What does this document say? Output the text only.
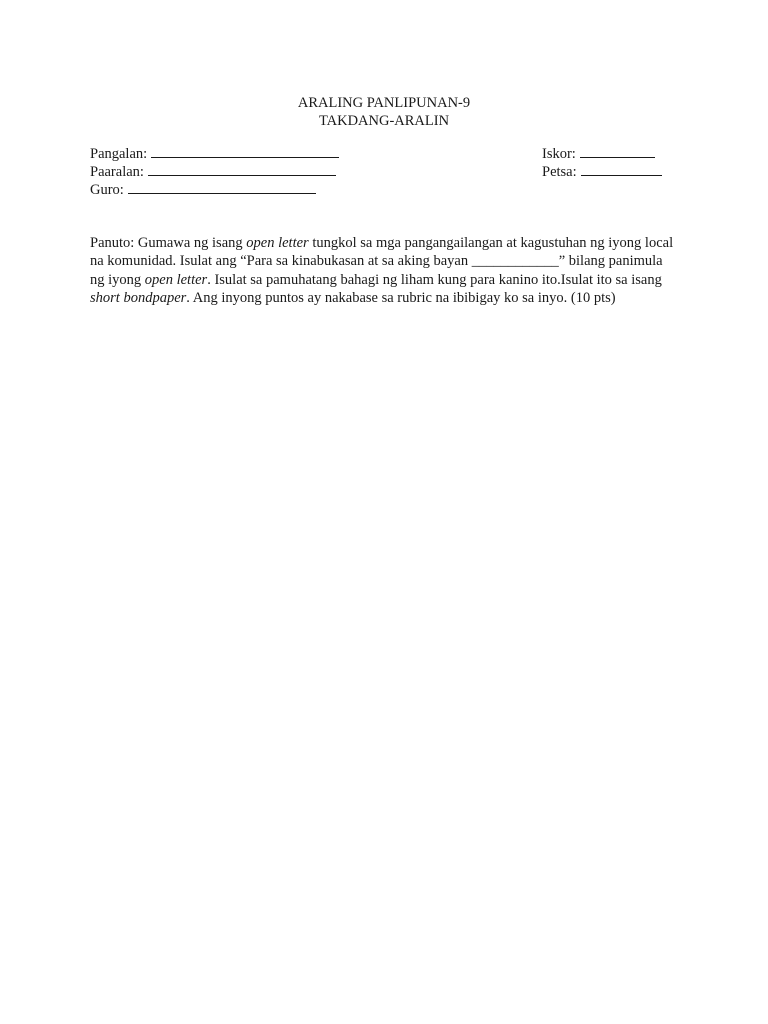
ARALING PANLIPUNAN-9
TAKDANG-ARALIN
Pangalan:
Paaralan:
Guro:
Iskor:
Petsa:
Panuto: Gumawa ng isang open letter tungkol sa mga pangangailangan at kagustuhan ng iyong local na komunidad. Isulat ang “Para sa kinabukasan at sa aking bayan ____________” bilang panimula ng iyong open letter. Isulat sa pamuhatang bahagi ng liham kung para kanino ito.Isulat ito sa isang short bondpaper. Ang inyong puntos ay nakabase sa rubric na ibibigay ko sa inyo. (10 pts)
